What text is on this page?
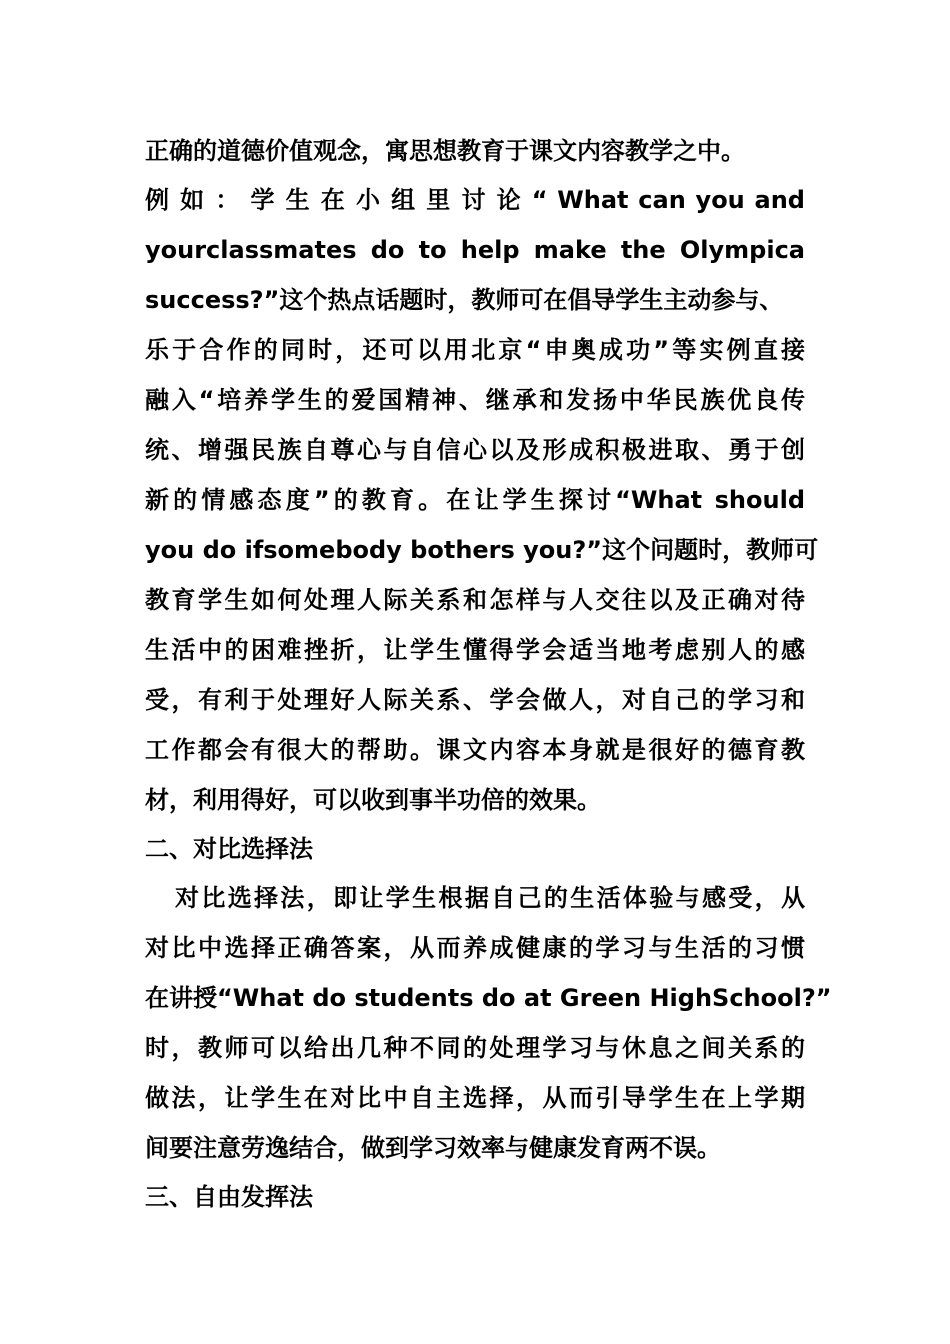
正确的道德价值观念，寓思想教育于课文内容教学之中。
例 如 ： 学 生 在 小 组 里 讨 论 “ What can you and
yourclassmates do to help make the Olympica
success?”这个热点话题时，教师可在倡导学生主动参与、
乐于合作的同时，还可以用北京“申奥成功”等实例直接
融入“培养学生的爱国精神、继承和发扬中华民族优良传
统、增强民族自尊心与自信心以及形成积极进取、勇于创
新的情感态度”的教育。在让学生探讨“What should
you do ifsomebody bothers you?”这个问题时，教师可
教育学生如何处理人际关系和怎样与人交往以及正确对待
生活中的困难挫折，让学生懂得学会适当地考虑别人的感
受，有利于处理好人际关系、学会做人，对自己的学习和
工作都会有很大的帮助。课文内容本身就是很好的德育教
材，利用得好，可以收到事半功倍的效果。
二、对比选择法
对比选择法，即让学生根据自己的生活体验与感受，从
对比中选择正确答案，从而养成健康的学习与生活的习惯
在讲授“What do students do at Green HighSchool?”
时，教师可以给出几种不同的处理学习与休息之间关系的
做法，让学生在对比中自主选择，从而引导学生在上学期
间要注意劳逸结合，做到学习效率与健康发育两不误。
三、自由发挥法
